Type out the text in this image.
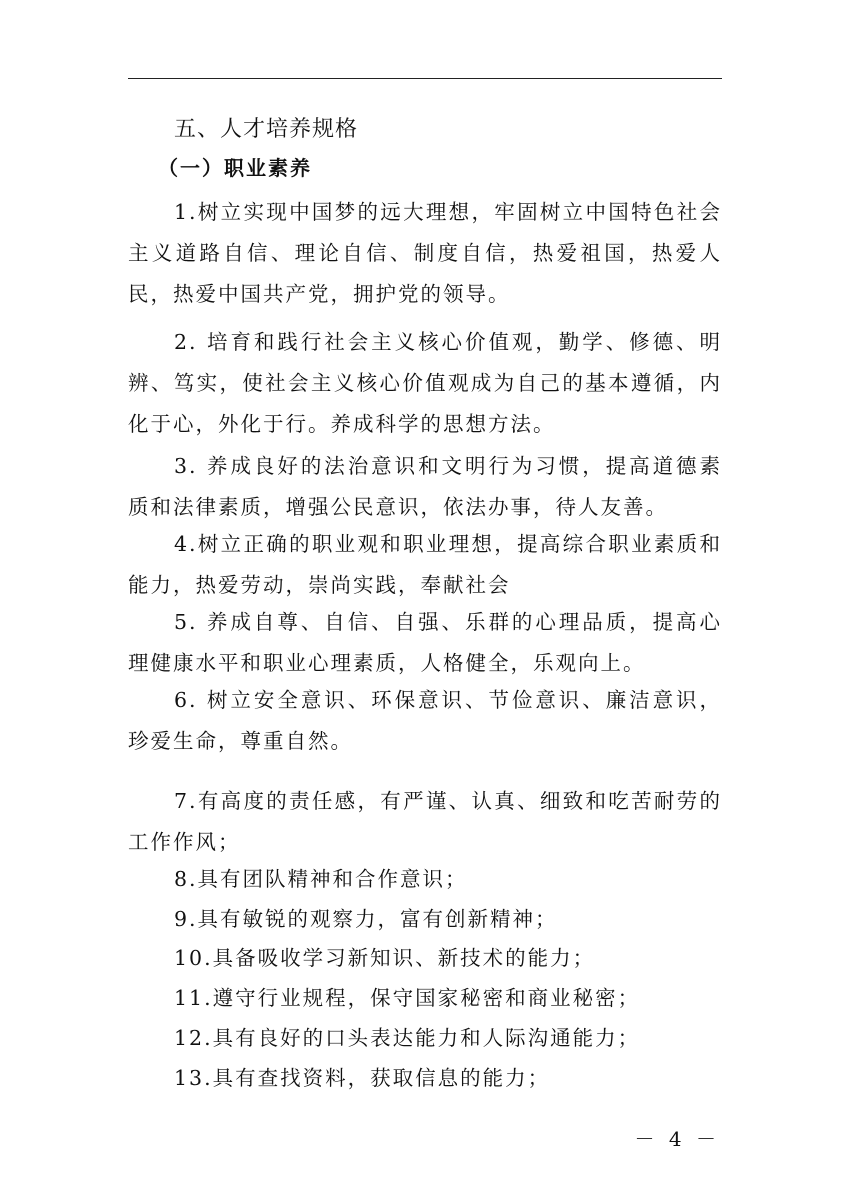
五、人才培养规格
（一）职业素养

1.树立实现中国梦的远大理想，牢固树立中国特色社会主义道路自信、理论自信、制度自信，热爱祖国，热爱人民，热爱中国共产党，拥护党的领导。

2. 培育和践行社会主义核心价值观，勤学、修德、明辨、笃实，使社会主义核心价值观成为自己的基本遵循，内化于心，外化于行。养成科学的思想方法。

3. 养成良好的法治意识和文明行为习惯，提高道德素质和法律素质，增强公民意识，依法办事，待人友善。

4.树立正确的职业观和职业理想，提高综合职业素质和能力，热爱劳动，崇尚实践，奉献社会

5. 养成自尊、自信、自强、乐群的心理品质，提高心理健康水平和职业心理素质，人格健全，乐观向上。

6. 树立安全意识、环保意识、节俭意识、廉洁意识，珍爱生命，尊重自然。

7.有高度的责任感，有严谨、认真、细致和吃苦耐劳的工作作风；

8.具有团队精神和合作意识；

9.具有敏锐的观察力，富有创新精神；

10.具备吸收学习新知识、新技术的能力；

11.遵守行业规程，保守国家秘密和商业秘密；

12.具有良好的口头表达能力和人际沟通能力；

13.具有查找资料，获取信息的能力；

－ 4 －
